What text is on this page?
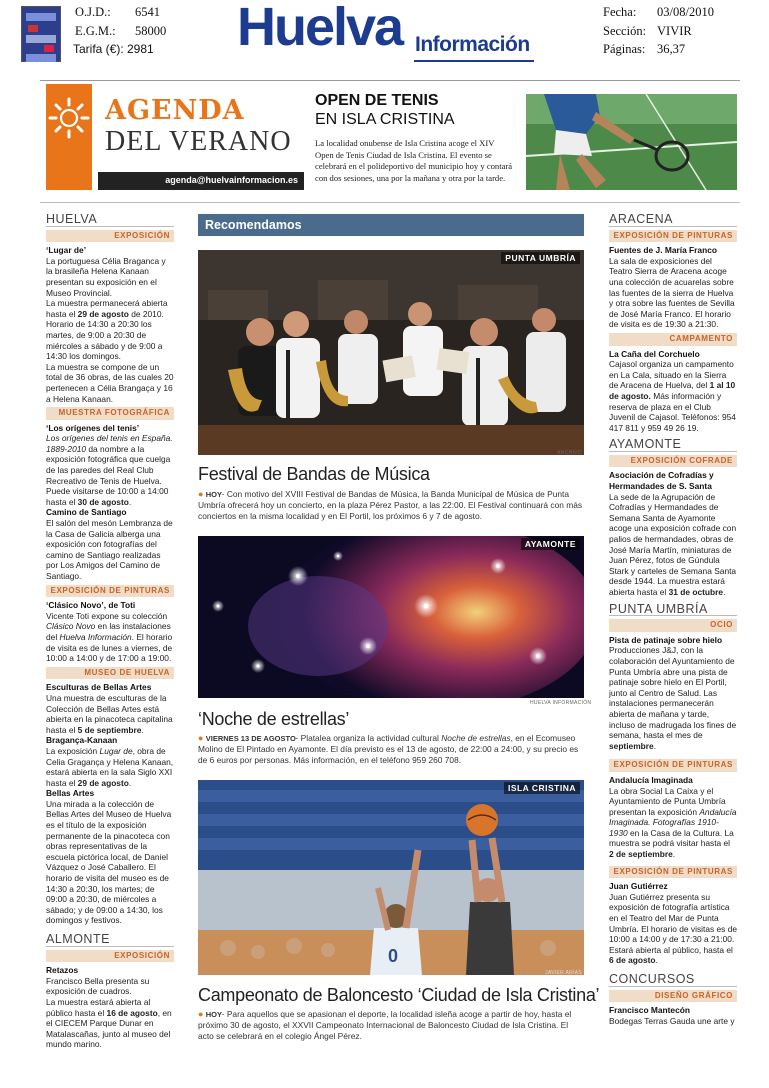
O.J.D.:	6541
E.G.M.:	58000
Tarifa (€): 2981 Huelva Información
Fecha:	03/08/2010
Sección: VIVIR
Páginas: 36,37
AGENDA
DEL VERANO
agenda@huelvainformacion.es
OPEN DE TENIS
EN ISLA CRISTINA
La localidad onubense de Isla Cristina acoge el XIV Open de Tenis Ciudad de Isla Cristina. El evento se celebrará en el polideportivo del municipio hoy y contará con dos sesiones, una por la mañana y otra por la tarde.
HUELVA
EXPOSICIÓN

‘Lugar de’

La portuguesa Célia Braganca y la brasileña Helena Kanaan presentan su exposición en el Museo Provincial.

La muestra permanecerá abierta hasta el 29 de agosto de 2010. Horario de 14:30 a 20:30 los martes, de 9:00 a 20:30 de miércoles a sábado y de 9:00 a 14:30 los domingos.

La muestra se compone de un total de 36 obras, de las cuales 20 pertenecen a Célia Brangaça y 16 a Helena Kanaan.

MUESTRA FOTOGRÁFICA

‘Los orígenes del tenis’

Los orígenes del tenis en España. 1889-2010 da nombre a la exposición fotográfica que cuelga de las paredes del Real Club Recreativo de Tenis de Huelva. Puede visitarse de 10:00 a 14:00 hasta el 30 de agosto.

Camino de Santiago

El salón del mesón Lembranza de la Casa de Galicia alberga una exposición con fotografías del camino de Santiago realizadas por Los Amigos del Camino de Santiago.

EXPOSICIÓN DE PINTURAS

‘Clásico Novo’, de Toti

Vicente Toti expone su colección Clásico Novo en las instalaciones del Huelva Información. El horario de visita es de lunes a viernes, de 10:00 a 14:00 y de 17:00 a 19:00.

MUSEO DE HUELVA

Esculturas de Bellas Artes

Una muestra de esculturas de la Colección de Bellas Artes está abierta en la pinacoteca capitalina hasta el 5 de septiembre.

Bragança-Kanaan

La exposición Lugar de, obra de Celia Gragança y Helena Kanaan, estará abierta en la sala Siglo XXI hasta el 29 de agosto.

Bellas Artes

Una mirada a la colección de Bellas Artes del Museo de Huelva es el título de la exposición permanente de la pinacoteca con obras representativas de la escuela pictórica local, de Daniel Vázquez o José Caballero. El horario de visita del museo es de 14:30 a 20:30, los martes; de 09:00 a 20:30, de miércoles a sábado; y de 09:00 a 14:30, los domingos y festivos.

ALMONTE
EXPOSICIÓN

Retazos

Francisco Bella presenta su exposición de cuadros.

La muestra estará abierta al público hasta el 16 de agosto, en el CIECEM Parque Dunar en Matalascañas, junto al museo del mundo marino.

Recomendamos
PUNTA UMBRÍA
ARCHIVO
Festival de Bandas de Música
● HOY· Con motivo del XVIII Festival de Bandas de Música, la Banda Municipal de Música de Punta Umbría ofrecerá hoy un concierto, en la plaza Pérez Pastor, a las 22:00. El Festival continuará con más conciertos en la misma localidad y en El Portil, los próximos 6 y 7 de agosto.
AYAMONTE
HUELVA INFORMACIÓN
‘Noche de estrellas’
● VIERNES 13 DE AGOSTO· Platalea organiza la actividad cultural Noche de estrellas, en el Ecomuseo Molino de El Pintado en Ayamonte. El día previsto es el 13 de agosto, de 22:00 a 24:00, y su precio es de 6 euros por personas. Más información, en el teléfono 959 260 708.
0
ISLA CRISTINA
JAVIER ARIAS
Campeonato de Baloncesto ‘Ciudad de Isla Cristina’
● HOY· Para aquellos que se apasionan el deporte, la localidad isleña acoge a partir de hoy, hasta el próximo 30 de agosto, el XXVII Campeonato Internacional de Baloncesto Ciudad de Isla Cristina. El acto se celebrará en el colegio Ángel Pérez.
ARACENA
EXPOSICIÓN DE PINTURAS

Fuentes de J. María Franco

La sala de exposiciones del Teatro Sierra de Aracena acoge una colección de acuarelas sobre las fuentes de la sierra de Huelva y otra sobre las fuentes de Sevilla de José María Franco. El horario de visita es de 19:30 a 21:30.

CAMPAMENTO

La Caña del Corchuelo

Cajasol organiza un campamento en La Cala, situado en la Sierra de Aracena de Huelva, del 1 al 10 de agosto. Más información y reserva de plaza en el Club Juvenil de Cajasol. Teléfonos: 954 417 811 y 959 49 26 19.

AYAMONTE
EXPOSICIÓN COFRADE

Asociación de Cofradías y Hermandades de S. Santa

La sede de la Agrupación de Cofradías y Hermandades de Semana Santa de Ayamonte acoge una exposición cofrade con palios de hermandades, obras de José María Martín, miniaturas de Juan Pérez, fotos de Gúndula Stark y carteles de Semana Santa desde 1944. La muestra estará abierta hasta el 31 de octubre.

PUNTA UMBRÍA
OCIO

Pista de patinaje sobre hielo

Producciones J&J, con la colaboración del Ayuntamiento de Punta Umbría abre una pista de patinaje sobre hielo en El Portil, junto al Centro de Salud. Las instalaciones permanecerán abierta de mañana y tarde, incluso de madrugada los fines de semana, hasta el mes de septiembre.

EXPOSICIÓN DE PINTURAS

Andalucía Imaginada

La obra Social La Caixa y el Ayuntamiento de Punta Umbría presentan la exposición Andalucía Imaginada. Fotografías 1910-1930 en la Casa de la Cultura. La muestra se podrá visitar hasta el 2 de septiembre.

EXPOSICIÓN DE PINTURAS

Juan Gutiérrez

Juan Gutiérrez presenta su exposición de fotografía artística en el Teatro del Mar de Punta Umbría. El horario de visitas es de 10:00 a 14:00 y de 17:30 a 21:00. Estará abierta al público, hasta el 6 de agosto.

CONCURSOS
DISEÑO GRÁFICO

Francisco Mantecón

Bodegas Terras Gauda une arte y
